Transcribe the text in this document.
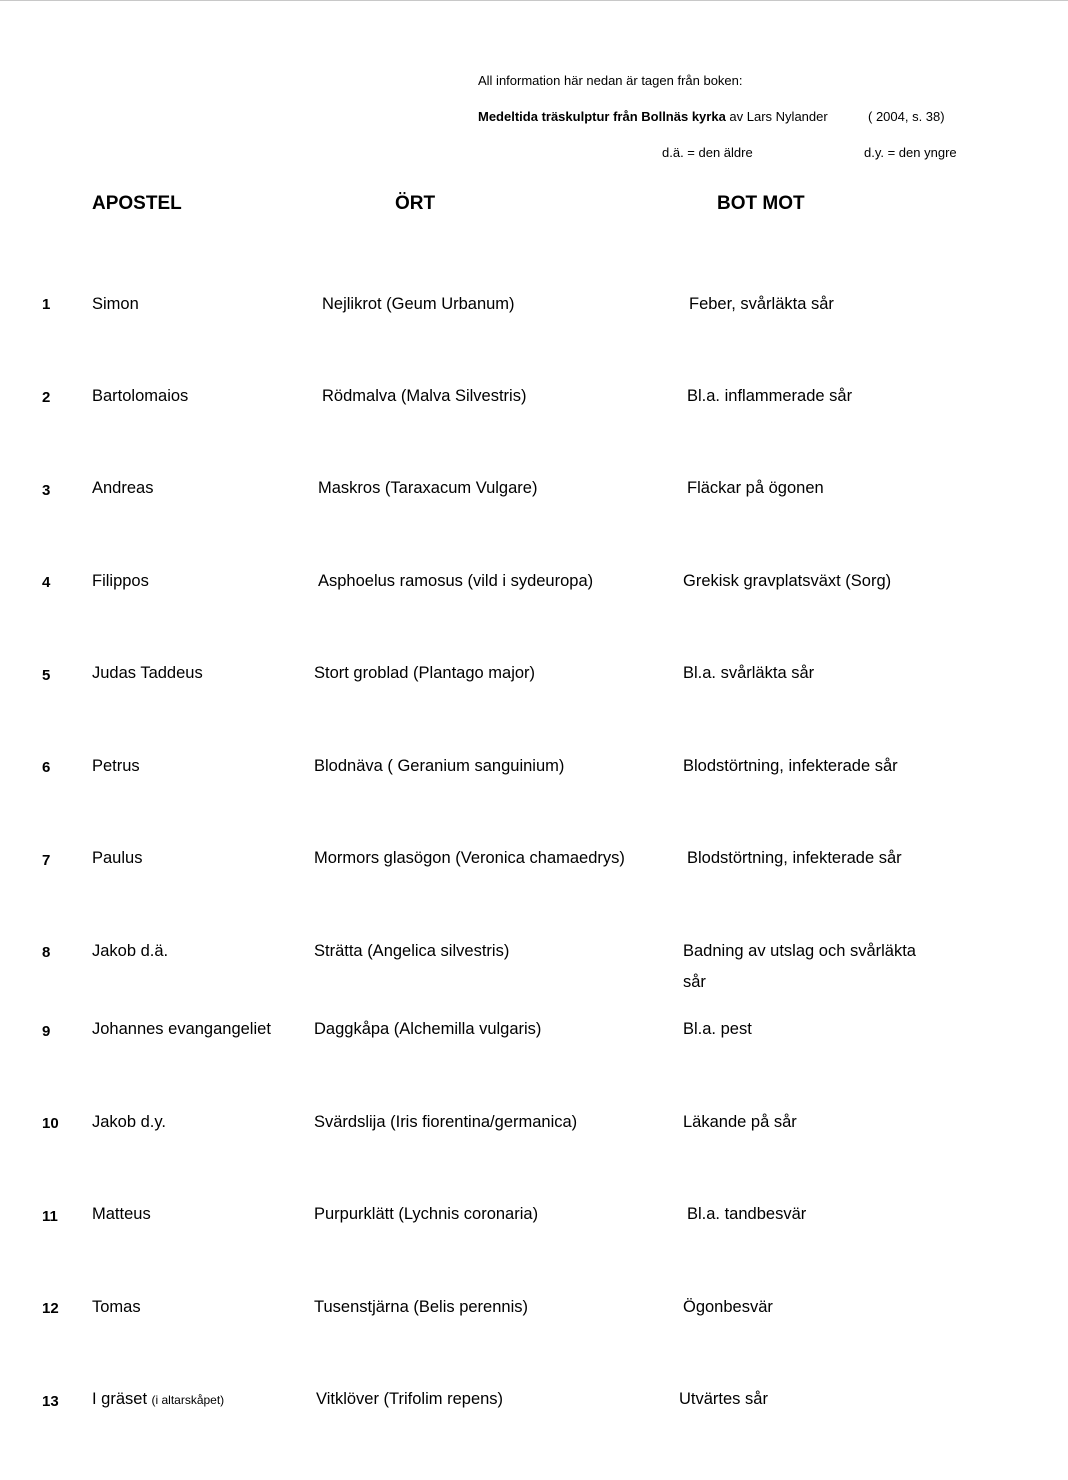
All information här nedan är tagen från boken:
Medeltida träskulptur från Bollnäs kyrka av Lars Nylander	( 2004, s. 38)
d.ä. = den äldre	d.y. = den yngre
APOSTEL	ÖRT	BOT MOT
1	Simon	Nejlikrot (Geum Urbanum)	Feber, svårläkta sår
2	Bartolomaios	Rödmalva (Malva Silvestris)	Bl.a. inflammerade sår
3	Andreas	Maskros (Taraxacum Vulgare)	Fläckar på ögonen
4	Filippos	Asphoelus ramosus (vild i sydeuropa)	Grekisk gravplatsväxt (Sorg)
5	Judas Taddeus	Stort groblad (Plantago major)	Bl.a. svårläkta sår
6	Petrus	Blodnäva ( Geranium sanguinium)	Blodstörtning, infekterade sår
7	Paulus	Mormors glasögon (Veronica chamaedrys)	Blodstörtning, infekterade sår
8	Jakob d.ä.	Strätta (Angelica silvestris)	Badning av utslag och svårläkta
sår
9	Johannes evangangeliet	Daggkåpa (Alchemilla vulgaris)	Bl.a. pest
10 Jakob d.y.	Svärdslija (Iris fiorentina/germanica)	Läkande på sår
11 Matteus	Purpurklätt (Lychnis coronaria)	Bl.a. tandbesvär
12 Tomas	Tusenstjärna (Belis perennis)	Ögonbesvär
13 I gräset (i altarskåpet)	Vitklöver (Trifolim repens)	Utvärtes sår
